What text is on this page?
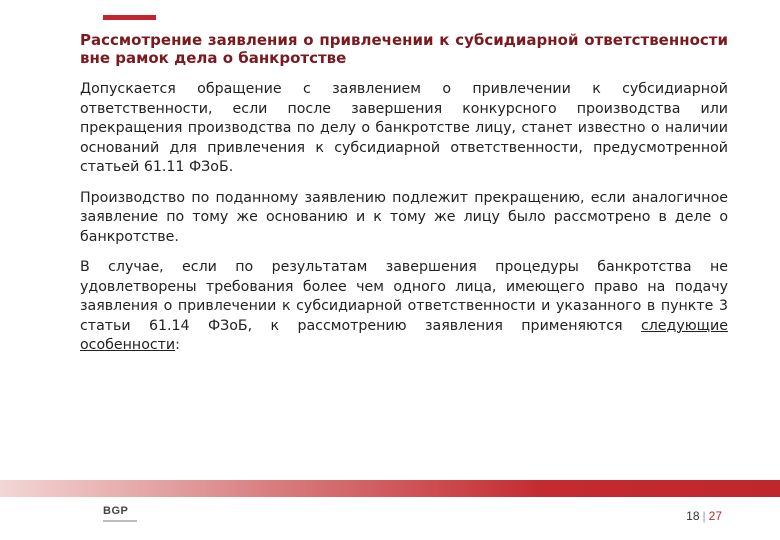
Рассмотрение заявления о привлечении к субсидиарной ответственности вне рамок дела о банкротстве

Допускается обращение с заявлением о привлечении к субсидиарной ответственности, если после завершения конкурсного производства или прекращения производства по делу о банкротстве лицу, станет известно о наличии оснований для привлечения к субсидиарной ответственности, предусмотренной статьей 61.11 ФЗоБ.

Производство по поданному заявлению подлежит прекращению, если аналогичное заявление по тому же основанию и к тому же лицу было рассмотрено в деле о банкротстве.

В случае, если по результатам завершения процедуры банкротства не удовлетворены требования более чем одного лица, имеющего право на подачу заявления о привлечении к субсидиарной ответственности и указанного в пункте 3 статьи 61.14 ФЗоБ, к рассмотрению заявления применяются следующие особенности:

BGP	18 | 27
